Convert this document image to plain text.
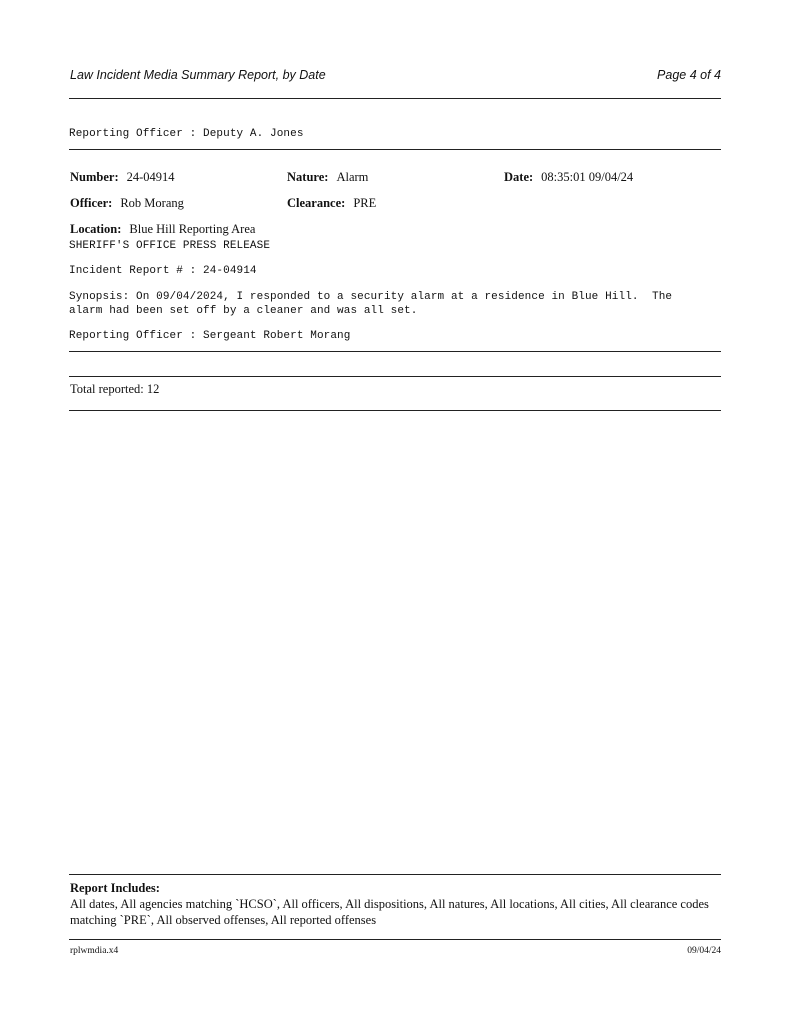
Law Incident Media Summary Report, by Date	Page 4 of 4
Reporting Officer : Deputy A. Jones
Number: 24-04914	Nature: Alarm	Date: 08:35:01 09/04/24
Officer: Rob Morang	Clearance: PRE
Location: Blue Hill Reporting Area
SHERIFF'S OFFICE PRESS RELEASE
Incident Report # : 24-04914
Synopsis: On 09/04/2024, I responded to a security alarm at a residence in Blue Hill.  The
alarm had been set off by a cleaner and was all set.
Reporting Officer : Sergeant Robert Morang
Total reported: 12
Report Includes:
All dates, All agencies matching `HCSO`, All officers, All dispositions, All natures, All locations, All cities, All clearance codes matching `PRE`, All observed offenses, All reported offenses
rplwmdia.x4	09/04/24
